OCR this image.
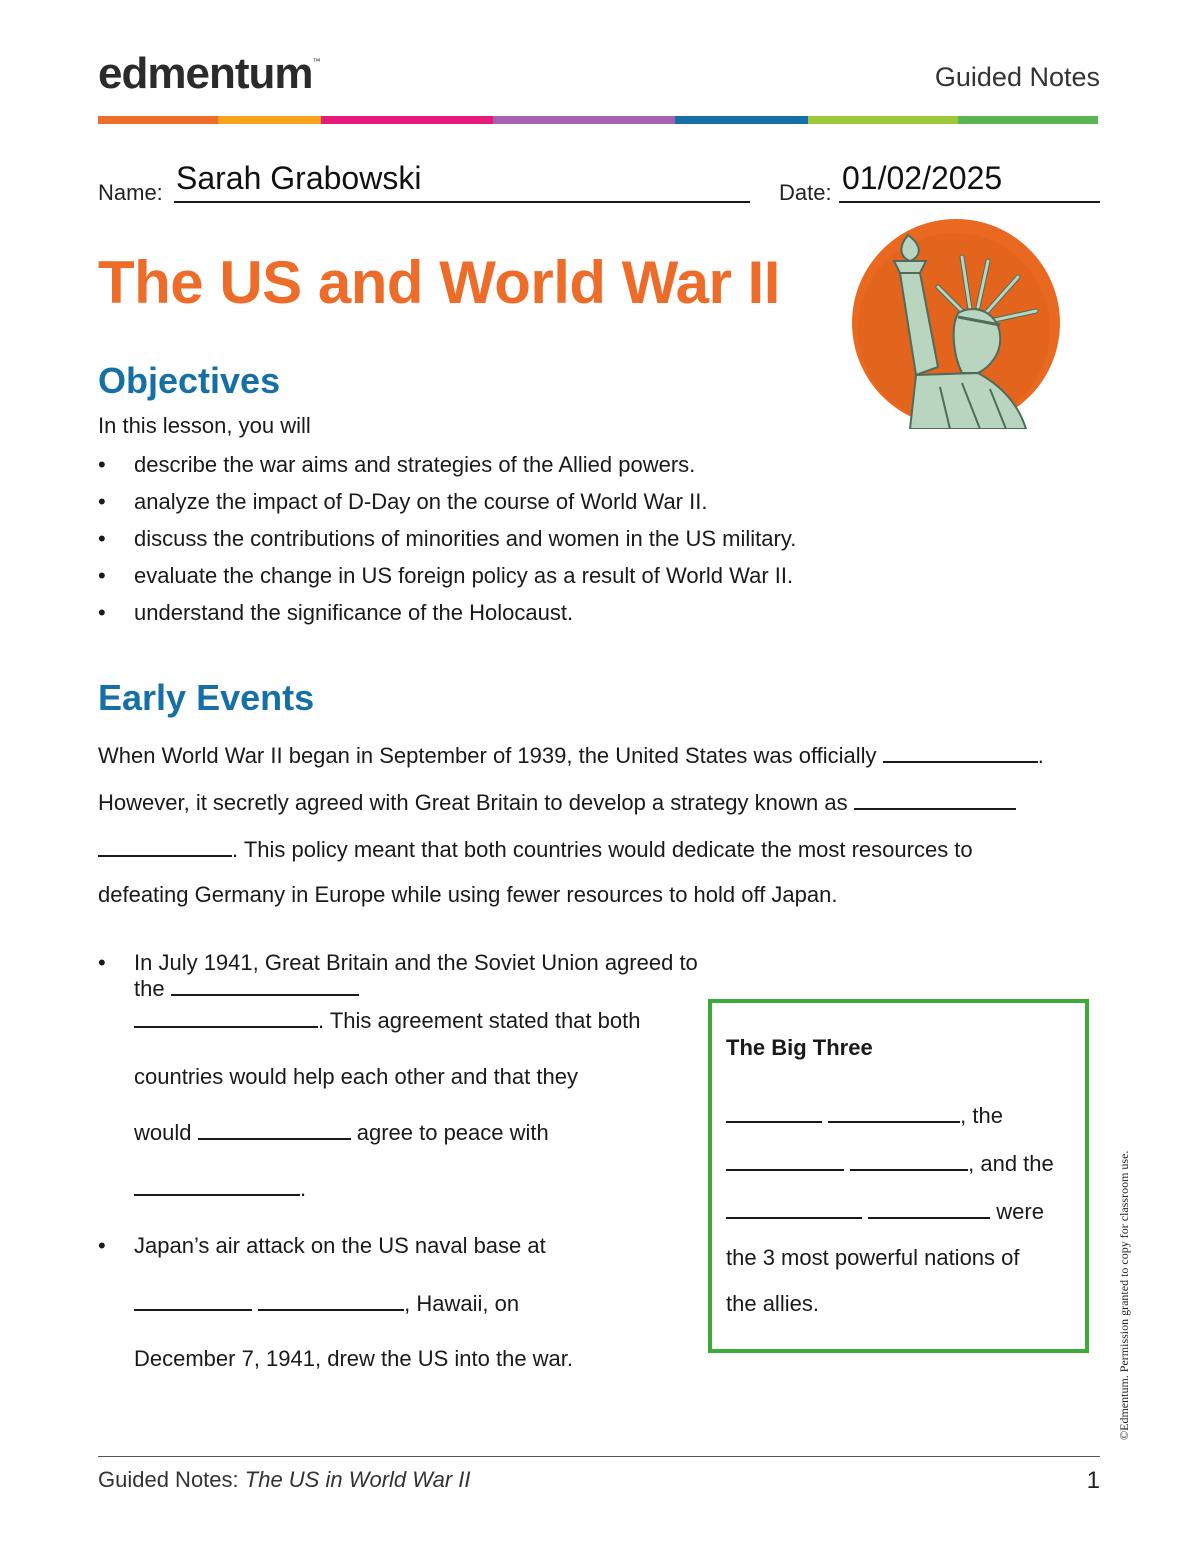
edmentum™
Guided Notes
Name: Sarah Grabowski	Date: 01/02/2025
The US and World War II
Objectives
In this lesson, you will
• describe the war aims and strategies of the Allied powers.
• analyze the impact of D-Day on the course of World War II.
• discuss the contributions of minorities and women in the US military.
• evaluate the change in US foreign policy as a result of World War II.
• understand the significance of the Holocaust.
Early Events
When World War II began in September of 1939, the United States was officially	.
However, it secretly agreed with Great Britain to develop a strategy known as
. This policy meant that both countries would dedicate the most resources to
defeating Germany in Europe while using fewer resources to hold off Japan.
• In July 1941, Great Britain and the Soviet Union agreed to the
. This agreement stated that both
countries would help each other and that they
would	agree to peace with
.
• Japan’s air attack on the US naval base at
, Hawaii, on
December 7, 1941, drew the US into the war.
The Big Three
, the
, and the
were
the 3 most powerful nations of
the allies.	©Edmentum. Permission granted to copy for classroom use.
Guided Notes: The US in World War II	1
